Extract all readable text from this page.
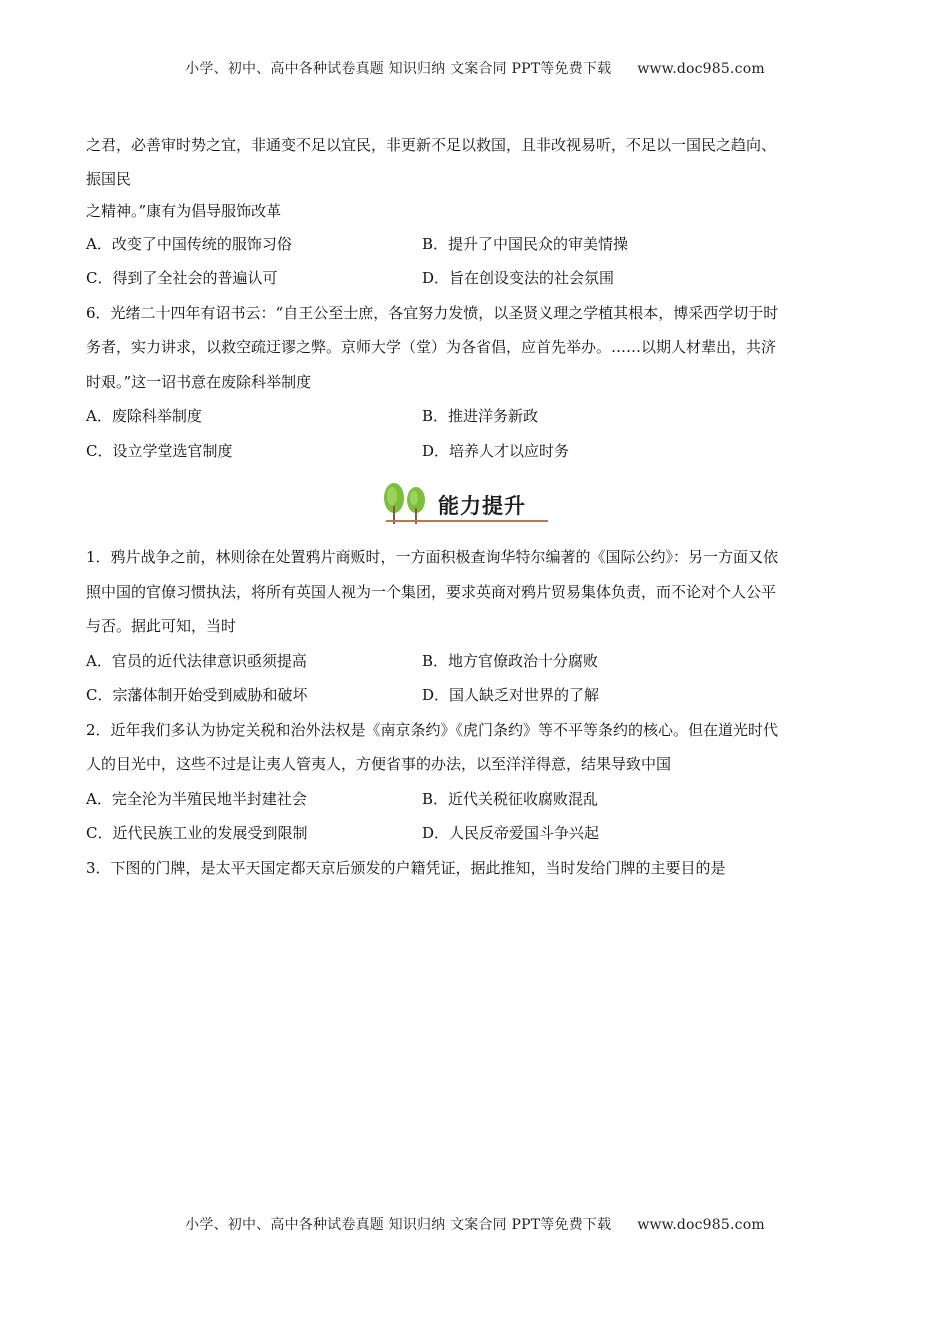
小学、初中、高中各种试卷真题 知识归纳 文案合同 PPT等免费下载 www.doc985.com
之君，必善审时势之宜，非通变不足以宜民，非更新不足以救国，且非改视易听，不足以一国民之趋向、
振国民
之精神。”康有为倡导服饰改革
A．改变了中国传统的服饰习俗	B．提升了中国民众的审美情操
C．得到了全社会的普遍认可	D．旨在创设变法的社会氛围
6．光绪二十四年有诏书云：“自王公至士庶，各宜努力发愤，以圣贤义理之学植其根本，博采西学切于时
务者，实力讲求，以救空疏迂谬之弊。京师大学（堂）为各省倡，应首先举办。……以期人材辈出，共济
时艰。”这一诏书意在废除科举制度
A．废除科举制度	B．推进洋务新政
C．设立学堂选官制度	D．培养人才以应时务
能力提升
1．鸦片战争之前，林则徐在处置鸦片商贩时，一方面积极查询华特尔编著的《国际公约》：另一方面又依
照中国的官僚习惯执法，将所有英国人视为一个集团，要求英商对鸦片贸易集体负责，而不论对个人公平
与否。据此可知，当时
A．官员的近代法律意识亟须提高	B．地方官僚政治十分腐败
C．宗藩体制开始受到威胁和破坏	D．国人缺乏对世界的了解
2．近年我们多认为协定关税和治外法权是《南京条约》《虎门条约》等不平等条约的核心。但在道光时代
人的目光中，这些不过是让夷人管夷人，方便省事的办法，以至洋洋得意，结果导致中国
A．完全沦为半殖民地半封建社会	B．近代关税征收腐败混乱
C．近代民族工业的发展受到限制	D．人民反帝爱国斗争兴起
3．下图的门牌，是太平天国定都天京后颁发的户籍凭证，据此推知，当时发给门牌的主要目的是
小学、初中、高中各种试卷真题 知识归纳 文案合同 PPT等免费下载 www.doc985.com
